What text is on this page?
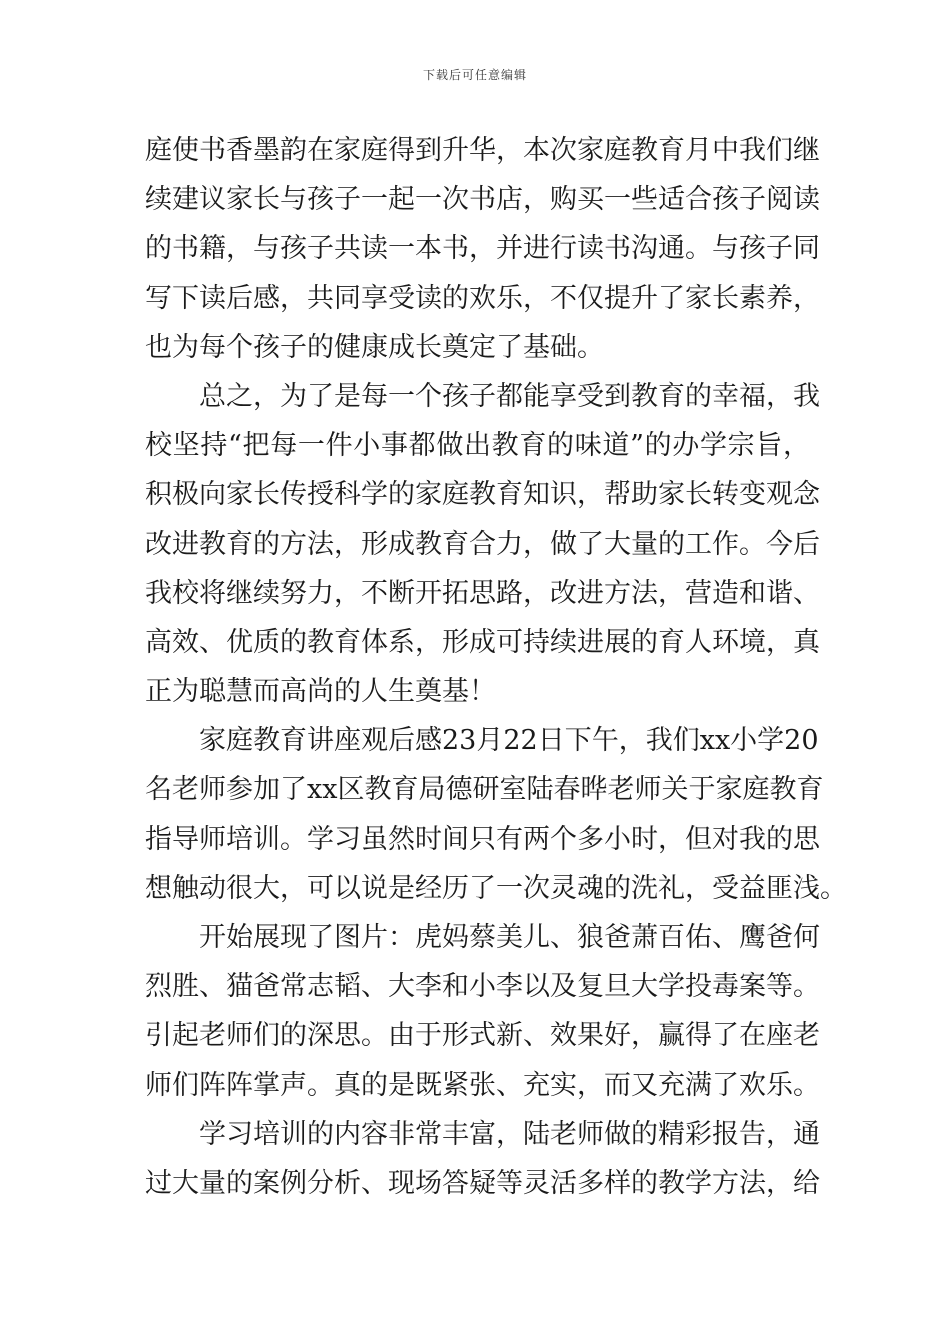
下载后可任意编辑
庭使书香墨韵在家庭得到升华，本次家庭教育月中我们继
续建议家长与孩子一起一次书店，购买一些适合孩子阅读
的书籍，与孩子共读一本书，并进行读书沟通。与孩子同
写下读后感，共同享受读的欢乐，不仅提升了家长素养，
也为每个孩子的健康成长奠定了基础。
总之，为了是每一个孩子都能享受到教育的幸福，我
校坚持“把每一件小事都做出教育的味道”的办学宗旨，
积极向家长传授科学的家庭教育知识，帮助家长转变观念
改进教育的方法，形成教育合力，做了大量的工作。今后
我校将继续努力，不断开拓思路，改进方法，营造和谐、
高效、优质的教育体系，形成可持续进展的育人环境，真
正为聪慧而高尚的人生奠基！
家庭教育讲座观后感23月22日下午，我们xx小学20
名老师参加了xx区教育局德研室陆春晔老师关于家庭教育
指导师培训。学习虽然时间只有两个多小时，但对我的思
想触动很大，可以说是经历了一次灵魂的洗礼，受益匪浅。
开始展现了图片：虎妈蔡美儿、狼爸萧百佑、鹰爸何
烈胜、猫爸常志韬、大李和小李以及复旦大学投毒案等。
引起老师们的深思。由于形式新、效果好，赢得了在座老
师们阵阵掌声。真的是既紧张、充实，而又充满了欢乐。
学习培训的内容非常丰富，陆老师做的精彩报告，通
过大量的案例分析、现场答疑等灵活多样的教学方法，给
